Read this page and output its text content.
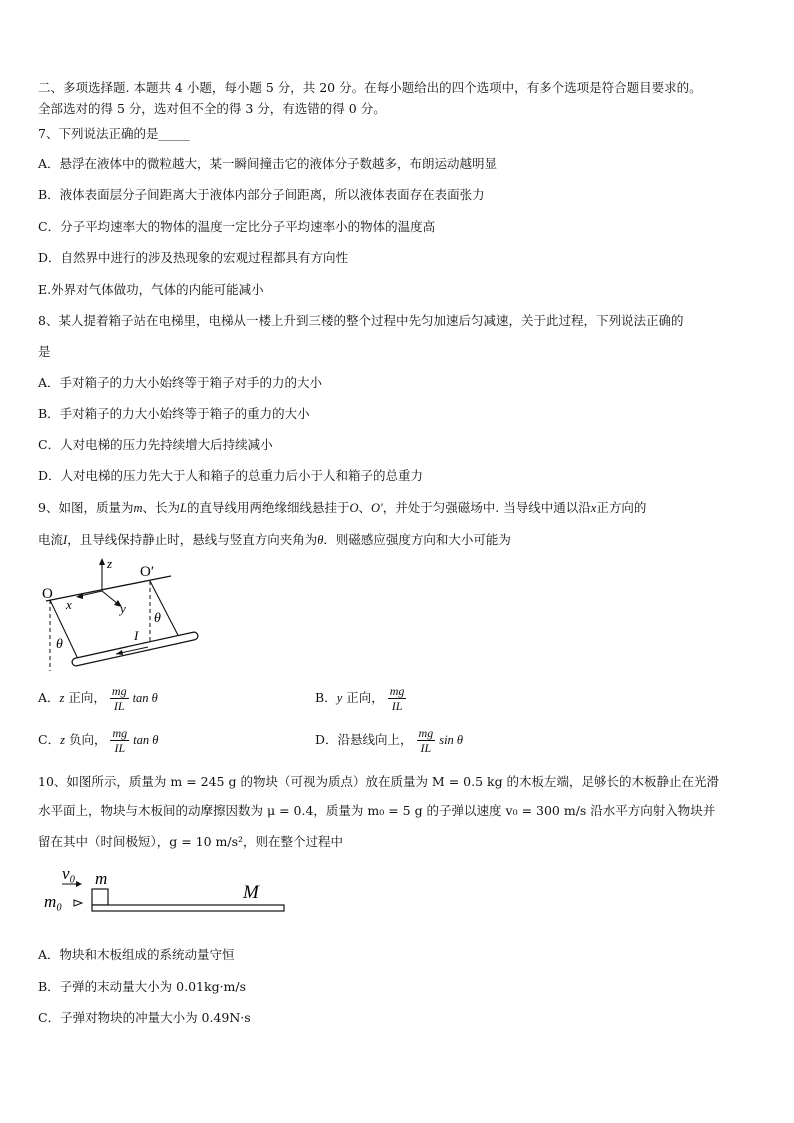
二、多项选择题. 本题共 4 小题，每小题 5 分，共 20 分。在每小题给出的四个选项中，有多个选项是符合题目要求的。
全部选对的得 5 分，选对但不全的得 3 分，有选错的得 0 分。
7、下列说法正确的是_____
A．悬浮在液体中的微粒越大，某一瞬间撞击它的液体分子数越多，布朗运动越明显
B．液体表面层分子间距离大于液体内部分子间距离，所以液体表面存在表面张力
C．分子平均速率大的物体的温度一定比分子平均速率小的物体的温度高
D．自然界中进行的涉及热现象的宏观过程都具有方向性
E.外界对气体做功，气体的内能可能减小
8、某人提着箱子站在电梯里，电梯从一楼上升到三楼的整个过程中先匀加速后匀减速，关于此过程，下列说法正确的
是
A．手对箱子的力大小始终等于箱子对手的力的大小
B．手对箱子的力大小始终等于箱子的重力的大小
C．人对电梯的压力先持续增大后持续减小
D．人对电梯的压力先大于人和箱子的总重力后小于人和箱子的总重力
9、如图，质量为m、长为L的直导线用两绝缘细线悬挂于O、O′，并处于匀强磁场中. 当导线中通以沿x正方向的
电流I，且导线保持静止时，悬线与竖直方向夹角为θ．则磁感应强度方向和大小可能为
O
O′
z
x	y
θ
θ
I
A．z 正向， $\frac{mg}{IL}$ tan θ	B．y 正向， $\frac{mg}{IL}$
C．z 负向， $\frac{mg}{IL}$ tan θ	D．沿悬线向上， $\frac{mg}{IL}$ sin θ
10、如图所示，质量为 m = 245 g 的物块（可视为质点）放在质量为 M = 0.5 kg 的木板左端，足够长的木板静止在光滑
水平面上，物块与木板间的动摩擦因数为 μ = 0.4，质量为 m₀ = 5 g 的子弹以速度 v₀ = 300 m/s 沿水平方向射入物块并
留在其中（时间极短），g = 10 m/s²，则在整个过程中
v₀ m
m₀	M
A．物块和木板组成的系统动量守恒
B．子弹的末动量大小为 0.01kg·m/s
C．子弹对物块的冲量大小为 0.49N·s
